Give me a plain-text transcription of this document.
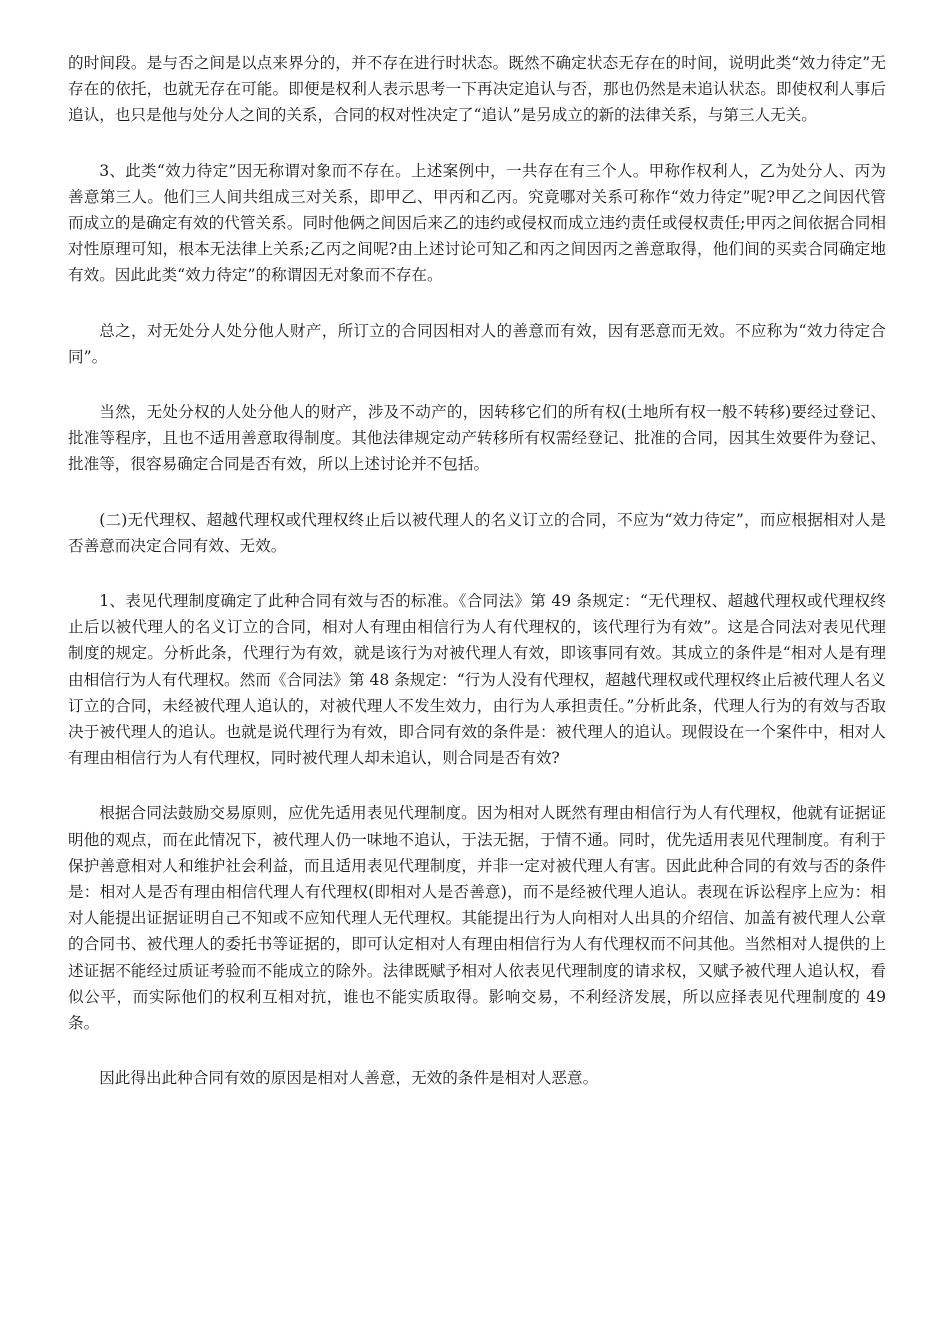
的时间段。是与否之间是以点来界分的，并不存在进行时状态。既然不确定状态无存在的时间，说明此类“效力待定”无存在的依托，也就无存在可能。即便是权利人表示思考一下再决定追认与否，那也仍然是未追认状态。即使权利人事后追认，也只是他与处分人之间的关系，合同的权对性决定了“追认”是另成立的新的法律关系，与第三人无关。

3、此类“效力待定”因无称谓对象而不存在。上述案例中，一共存在有三个人。甲称作权利人，乙为处分人、丙为善意第三人。他们三人间共组成三对关系，即甲乙、甲丙和乙丙。究竟哪对关系可称作“效力待定”呢?甲乙之间因代管而成立的是确定有效的代管关系。同时他俩之间因后来乙的违约或侵权而成立违约责任或侵权责任;甲丙之间依据合同相对性原理可知，根本无法律上关系;乙丙之间呢?由上述讨论可知乙和丙之间因丙之善意取得，他们间的买卖合同确定地有效。因此此类“效力待定”的称谓因无对象而不存在。

总之，对无处分人处分他人财产，所订立的合同因相对人的善意而有效，因有恶意而无效。不应称为“效力待定合同”。

当然，无处分权的人处分他人的财产，涉及不动产的，因转移它们的所有权(土地所有权一般不转移)要经过登记、批准等程序，且也不适用善意取得制度。其他法律规定动产转移所有权需经登记、批准的合同，因其生效要件为登记、批准等，很容易确定合同是否有效，所以上述讨论并不包括。

(二)无代理权、超越代理权或代理权终止后以被代理人的名义订立的合同，不应为“效力待定”，而应根据相对人是否善意而决定合同有效、无效。

1、表见代理制度确定了此种合同有效与否的标准。《合同法》第 49 条规定：“无代理权、超越代理权或代理权终止后以被代理人的名义订立的合同，相对人有理由相信行为人有代理权的，该代理行为有效”。这是合同法对表见代理制度的规定。分析此条，代理行为有效，就是该行为对被代理人有效，即该事同有效。其成立的条件是“相对人是有理由相信行为人有代理权。然而《合同法》第 48 条规定：“行为人没有代理权，超越代理权或代理权终止后被代理人名义订立的合同，未经被代理人追认的，对被代理人不发生效力，由行为人承担责任。”分析此条，代理人行为的有效与否取决于被代理人的追认。也就是说代理行为有效，即合同有效的条件是：被代理人的追认。现假设在一个案件中，相对人有理由相信行为人有代理权，同时被代理人却未追认，则合同是否有效?

根据合同法鼓励交易原则，应优先适用表见代理制度。因为相对人既然有理由相信行为人有代理权，他就有证据证明他的观点，而在此情况下，被代理人仍一味地不追认，于法无据，于情不通。同时，优先适用表见代理制度。有利于保护善意相对人和维护社会利益，而且适用表见代理制度，并非一定对被代理人有害。因此此种合同的有效与否的条件是：相对人是否有理由相信代理人有代理权(即相对人是否善意)，而不是经被代理人追认。表现在诉讼程序上应为：相对人能提出证据证明自己不知或不应知代理人无代理权。其能提出行为人向相对人出具的介绍信、加盖有被代理人公章的合同书、被代理人的委托书等证据的，即可认定相对人有理由相信行为人有代理权而不问其他。当然相对人提供的上述证据不能经过质证考验而不能成立的除外。法律既赋予相对人依表见代理制度的请求权，又赋予被代理人追认权，看似公平，而实际他们的权利互相对抗，谁也不能实质取得。影响交易，不利经济发展，所以应择表见代理制度的 49 条。

因此得出此种合同有效的原因是相对人善意，无效的条件是相对人恶意。
